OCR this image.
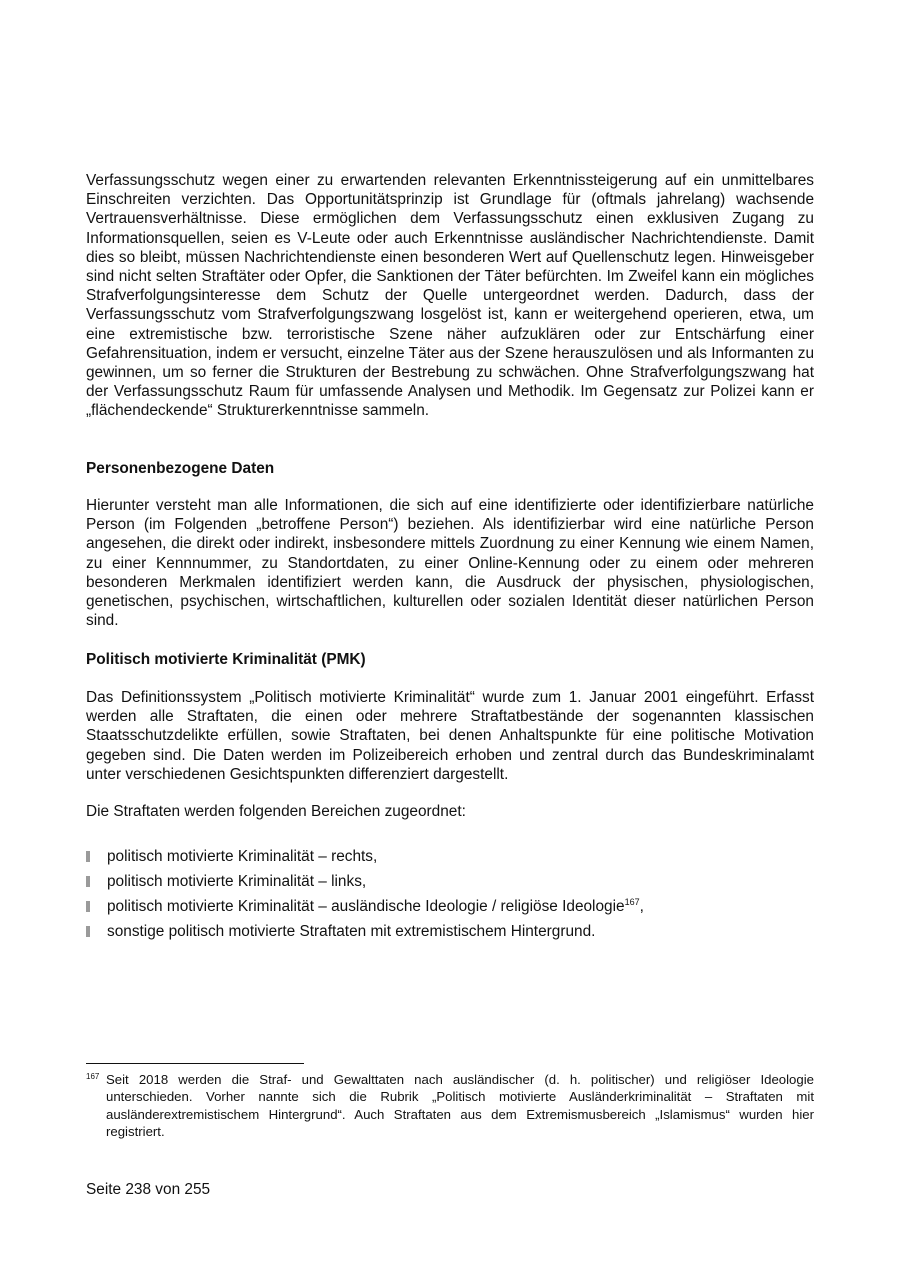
Verfassungsschutz wegen einer zu erwartenden relevanten Erkenntnissteigerung auf ein unmittelbares Einschreiten verzichten. Das Opportunitätsprinzip ist Grundlage für (oftmals jahrelang) wachsende Vertrauensverhältnisse. Diese ermöglichen dem Verfassungsschutz einen exklusiven Zugang zu Informationsquellen, seien es V-Leute oder auch Erkenntnisse ausländischer Nachrichtendienste. Damit dies so bleibt, müssen Nachrichtendienste einen besonderen Wert auf Quellenschutz legen. Hinweisgeber sind nicht selten Straftäter oder Opfer, die Sanktionen der Täter befürchten. Im Zweifel kann ein mögliches Strafverfolgungsinteresse dem Schutz der Quelle untergeordnet werden. Dadurch, dass der Verfassungsschutz vom Strafverfolgungszwang losgelöst ist, kann er weitergehend operieren, etwa, um eine extremistische bzw. terroristische Szene näher aufzuklären oder zur Entschärfung einer Gefahrensituation, indem er versucht, einzelne Täter aus der Szene herauszulösen und als Informanten zu gewinnen, um so ferner die Strukturen der Bestrebung zu schwächen. Ohne Strafverfolgungszwang hat der Verfassungsschutz Raum für umfassende Analysen und Methodik. Im Gegensatz zur Polizei kann er „flächendeckende“ Strukturerkenntnisse sammeln.

Personenbezogene Daten

Hierunter versteht man alle Informationen, die sich auf eine identifizierte oder identifizierbare natürliche Person (im Folgenden „betroffene Person“) beziehen. Als identifizierbar wird eine natürliche Person angesehen, die direkt oder indirekt, insbesondere mittels Zuordnung zu einer Kennung wie einem Namen, zu einer Kennnummer, zu Standortdaten, zu einer Online-Kennung oder zu einem oder mehreren besonderen Merkmalen identifiziert werden kann, die Ausdruck der physischen, physiologischen, genetischen, psychischen, wirtschaftlichen, kulturellen oder sozialen Identität dieser natürlichen Person sind.

Politisch motivierte Kriminalität (PMK)

Das Definitionssystem „Politisch motivierte Kriminalität“ wurde zum 1. Januar 2001 eingeführt. Erfasst werden alle Straftaten, die einen oder mehrere Straftatbestände der sogenannten klassischen Staatsschutzdelikte erfüllen, sowie Straftaten, bei denen Anhaltspunkte für eine politische Motivation gegeben sind. Die Daten werden im Polizeibereich erhoben und zentral durch das Bundeskriminalamt unter verschiedenen Gesichtspunkten differenziert dargestellt.

Die Straftaten werden folgenden Bereichen zugeordnet:

politisch motivierte Kriminalität – rechts,
politisch motivierte Kriminalität – links,
politisch motivierte Kriminalität – ausländische Ideologie / religiöse Ideologie$^{167}$,
sonstige politisch motivierte Straftaten mit extremistischem Hintergrund.

$^{167}$ Seit 2018 werden die Straf- und Gewalttaten nach ausländischer (d. h. politischer) und religiöser Ideologie unterschieden. Vorher nannte sich die Rubrik „Politisch motivierte Ausländerkriminalität – Straftaten mit ausländerextremistischem Hintergrund“. Auch Straftaten aus dem Extremismusbereich „Islamismus“ wurden hier registriert.

Seite 238 von 255
